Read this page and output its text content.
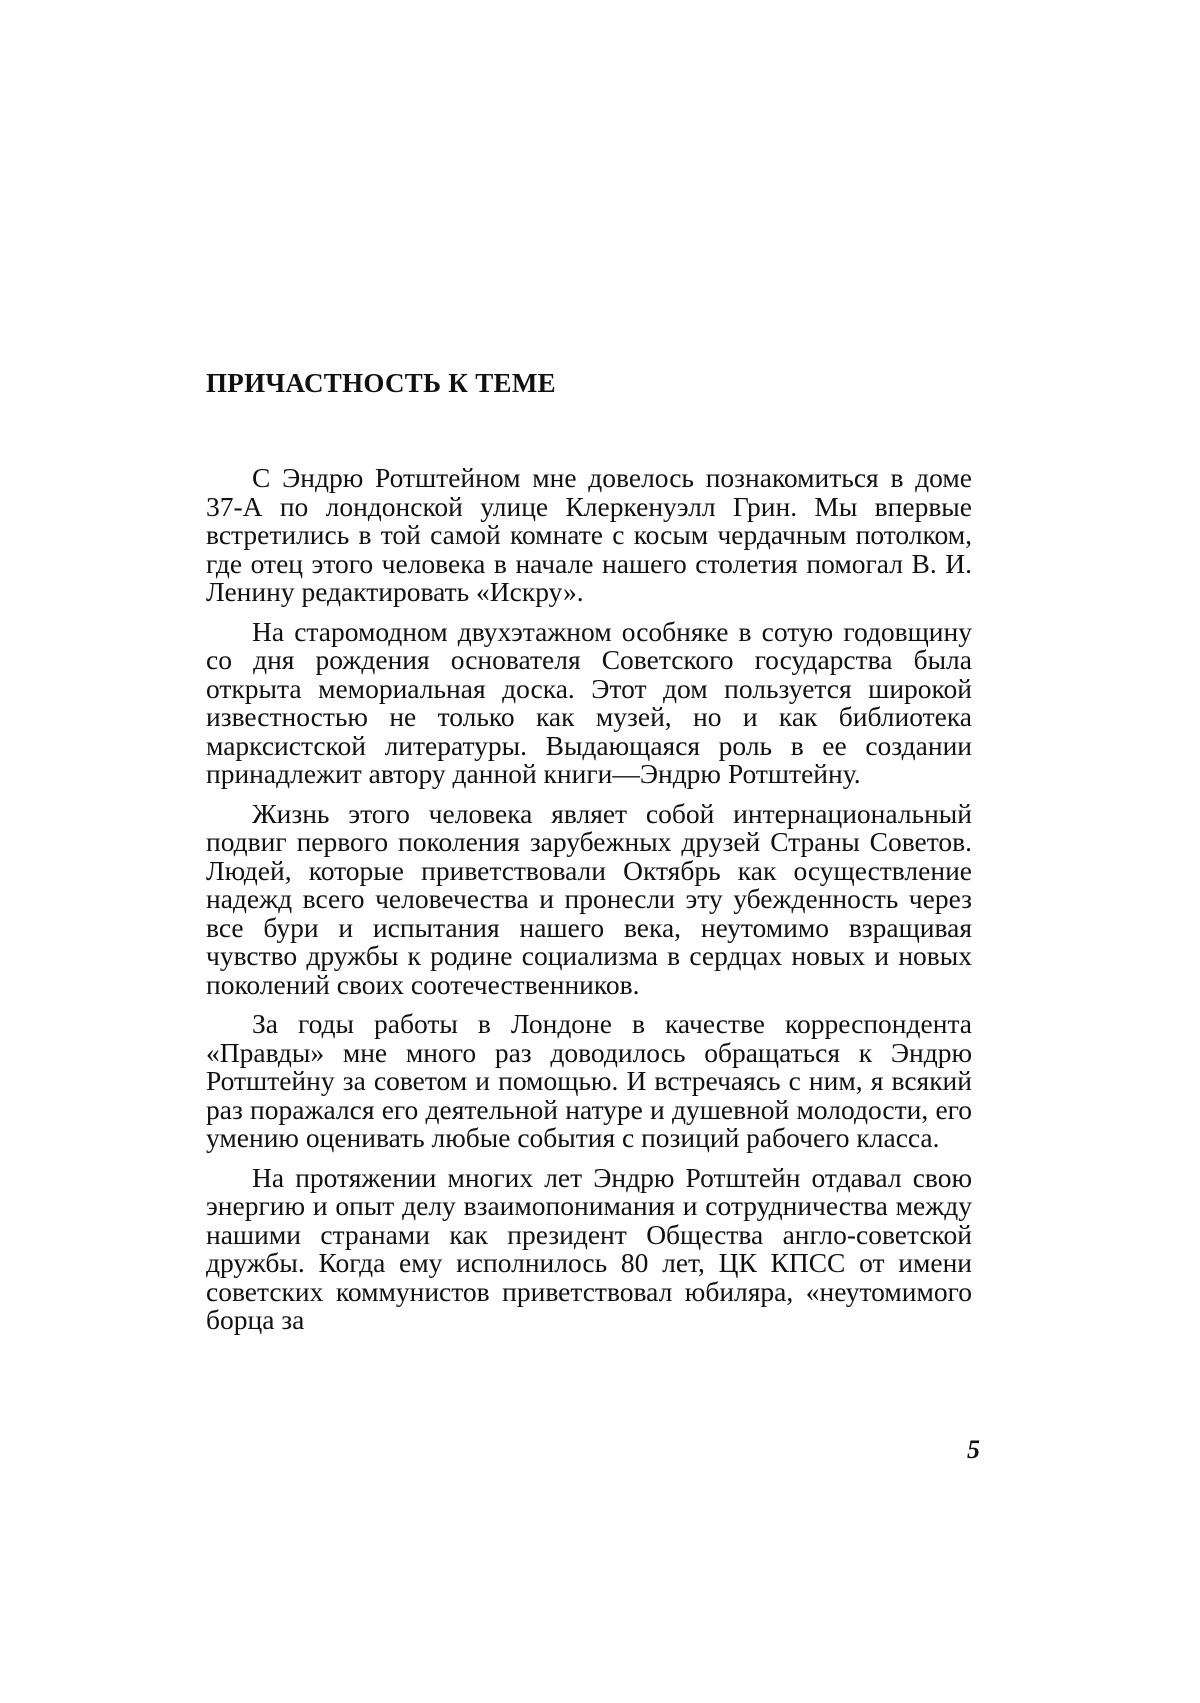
ПРИЧАСТНОСТЬ К ТЕМЕ

С Эндрю Ротштейном мне довелось познакомиться в доме 37-А по лондонской улице Клеркенуэлл Грин. Мы впервые встретились в той самой комнате с косым чердачным потолком, где отец этого человека в начале нашего столетия помогал В. И. Ленину редактировать «Искру».

На старомодном двухэтажном особняке в сотую годовщину со дня рождения основателя Советского государства была открыта мемориальная доска. Этот дом пользуется широкой известностью не только как музей, но и как библиотека марксистской литературы. Выдающаяся роль в ее создании принадлежит автору данной книги—Эндрю Ротштейну.

Жизнь этого человека являет собой интернациональный подвиг первого поколения зарубежных друзей Страны Советов. Людей, которые приветствовали Октябрь как осуществление надежд всего человечества и пронесли эту убежденность через все бури и испытания нашего века, неутомимо взращивая чувство дружбы к родине социализма в сердцах новых и новых поколений своих соотечественников.

За годы работы в Лондоне в качестве корреспондента «Правды» мне много раз доводилось обращаться к Эндрю Ротштейну за советом и помощью. И встречаясь с ним, я всякий раз поражался его деятельной натуре и душевной молодости, его умению оценивать любые события с позиций рабочего класса.

На протяжении многих лет Эндрю Ротштейн отдавал свою энергию и опыт делу взаимопонимания и сотрудничества между нашими странами как президент Общества англо-советской дружбы. Когда ему исполнилось 80 лет, ЦК КПСС от имени советских коммунистов приветствовал юбиляра, «неутомимого борца за

5
